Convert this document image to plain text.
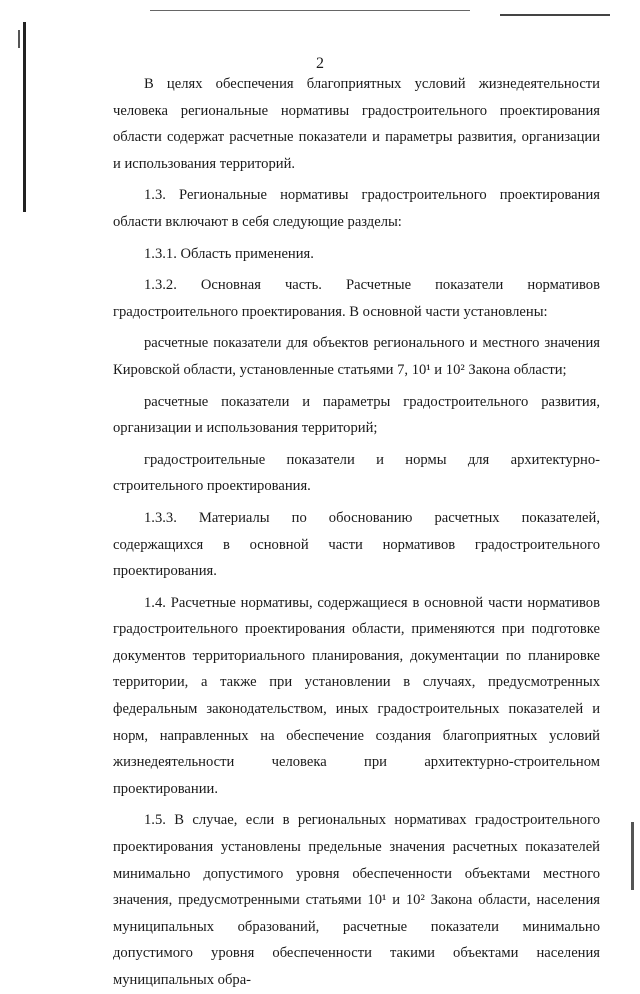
2

В целях обеспечения благоприятных условий жизнедеятельности человека региональные нормативы градостроительного проектирования области содержат расчетные показатели и параметры развития, организации и использования территорий.

1.3. Региональные нормативы градостроительного проектирования области включают в себя следующие разделы:

1.3.1. Область применения.

1.3.2. Основная часть. Расчетные показатели нормативов градостроительного проектирования. В основной части установлены:

расчетные показатели для объектов регионального и местного значения Кировской области, установленные статьями 7, 10¹ и 10² Закона области;

расчетные показатели и параметры градостроительного развития, организации и использования территорий;

градостроительные показатели и нормы для архитектурно-

строительного проектирования.

1.3.3. Материалы по обоснованию расчетных показателей, содержащихся в основной части нормативов градостроительного проектирования.

1.4. Расчетные нормативы, содержащиеся в основной части нормативов градостроительного проектирования области, применяются при подготовке документов территориального планирования, документации по планировке территории, а также при установлении в случаях, предусмотренных федеральным законодательством, иных градостроительных показателей и норм, направленных на обеспечение создания благоприятных условий жизнедеятельности человека при архитектурно-строительном проектировании.

1.5. В случае, если в региональных нормативах градостроительного проектирования установлены предельные значения расчетных показателей минимально допустимого уровня обеспеченности объектами местного значения, предусмотренными статьями 10¹ и 10² Закона области, населения муниципальных образований, расчетные показатели минимально допустимого уровня обеспеченности такими объектами населения муниципальных обра-
